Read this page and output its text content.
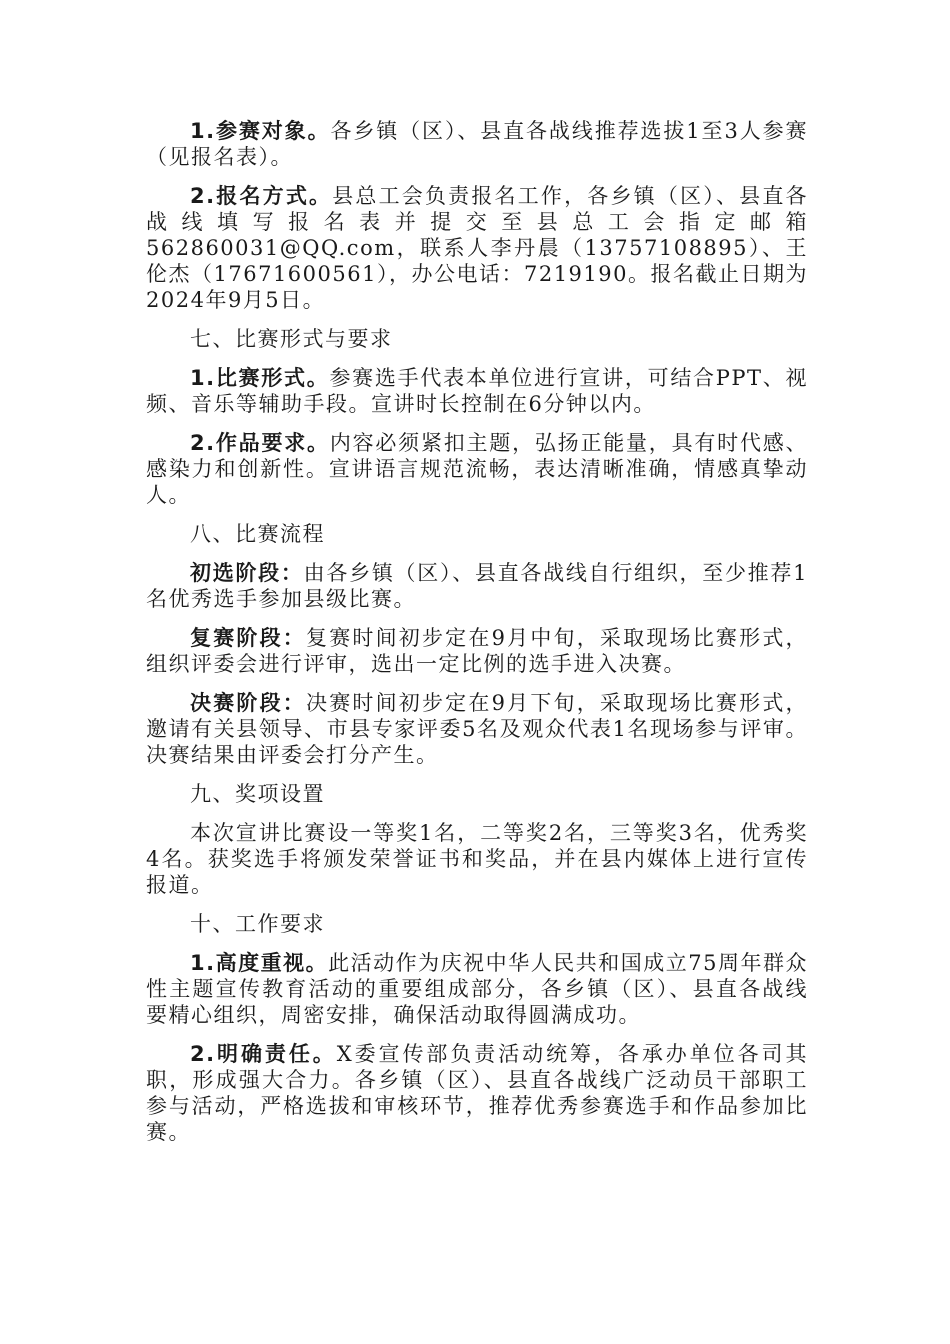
1.参赛对象。各乡镇（区）、县直各战线推荐选拔1至3人参赛（见报名表）。

2.报名方式。县总工会负责报名工作，各乡镇（区）、县直各战线填写报名表并提交至县总工会指定邮箱562860031@QQ.com，联系人李丹晨（13757108895）、王伦杰（17671600561），办公电话：7219190。报名截止日期为2024年9月5日。

七、比赛形式与要求

1.比赛形式。参赛选手代表本单位进行宣讲，可结合PPT、视频、音乐等辅助手段。宣讲时长控制在6分钟以内。

2.作品要求。内容必须紧扣主题，弘扬正能量，具有时代感、感染力和创新性。宣讲语言规范流畅，表达清晰准确，情感真挚动人。

八、比赛流程

初选阶段：由各乡镇（区）、县直各战线自行组织，至少推荐1名优秀选手参加县级比赛。

复赛阶段：复赛时间初步定在9月中旬，采取现场比赛形式，组织评委会进行评审，选出一定比例的选手进入决赛。

决赛阶段：决赛时间初步定在9月下旬，采取现场比赛形式，邀请有关县领导、市县专家评委5名及观众代表1名现场参与评审。决赛结果由评委会打分产生。

九、奖项设置

本次宣讲比赛设一等奖1名，二等奖2名，三等奖3名，优秀奖4名。获奖选手将颁发荣誉证书和奖品，并在县内媒体上进行宣传报道。

十、工作要求

1.高度重视。此活动作为庆祝中华人民共和国成立75周年群众性主题宣传教育活动的重要组成部分，各乡镇（区）、县直各战线要精心组织，周密安排，确保活动取得圆满成功。

2.明确责任。X委宣传部负责活动统筹，各承办单位各司其职，形成强大合力。各乡镇（区）、县直各战线广泛动员干部职工参与活动，严格选拔和审核环节，推荐优秀参赛选手和作品参加比赛。
